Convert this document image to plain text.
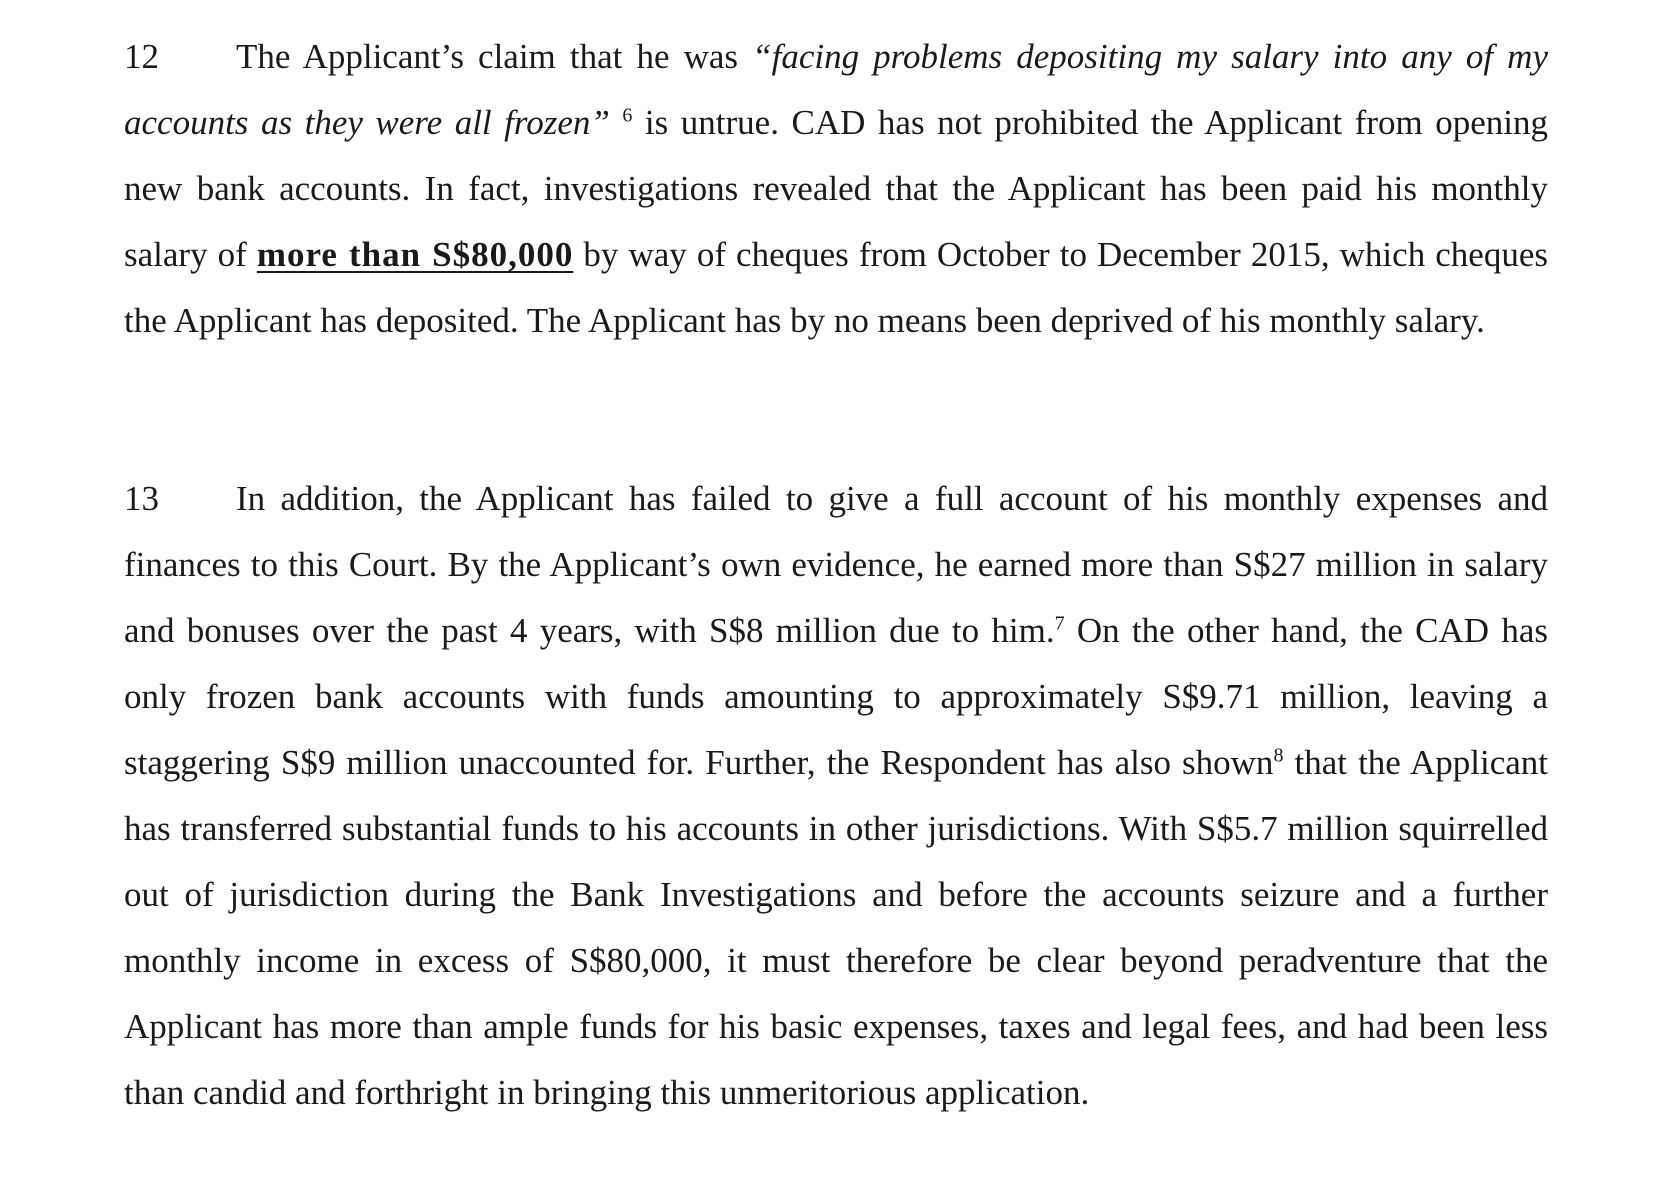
12 The Applicant’s claim that he was “facing problems depositing my salary into any of my accounts as they were all frozen” $^6$ is untrue. CAD has not prohibited the Applicant from opening new bank accounts. In fact, investigations revealed that the Applicant has been paid his monthly salary of more than S$80,000 by way of cheques from October to December 2015, which cheques the Applicant has deposited. The Applicant has by no means been deprived of his monthly salary.

13 In addition, the Applicant has failed to give a full account of his monthly expenses and finances to this Court. By the Applicant’s own evidence, he earned more than S$27 million in salary and bonuses over the past 4 years, with S$8 million due to him.$^7$ On the other hand, the CAD has only frozen bank accounts with funds amounting to approximately S$9.71 million, leaving a staggering S$9 million unaccounted for. Further, the Respondent has also shown$^8$ that the Applicant has transferred substantial funds to his accounts in other jurisdictions. With S$5.7 million squirrelled out of jurisdiction during the Bank Investigations and before the accounts seizure and a further monthly income in excess of S$80,000, it must therefore be clear beyond peradventure that the Applicant has more than ample funds for his basic expenses, taxes and legal fees, and had been less than candid and forthright in bringing this unmeritorious application.
